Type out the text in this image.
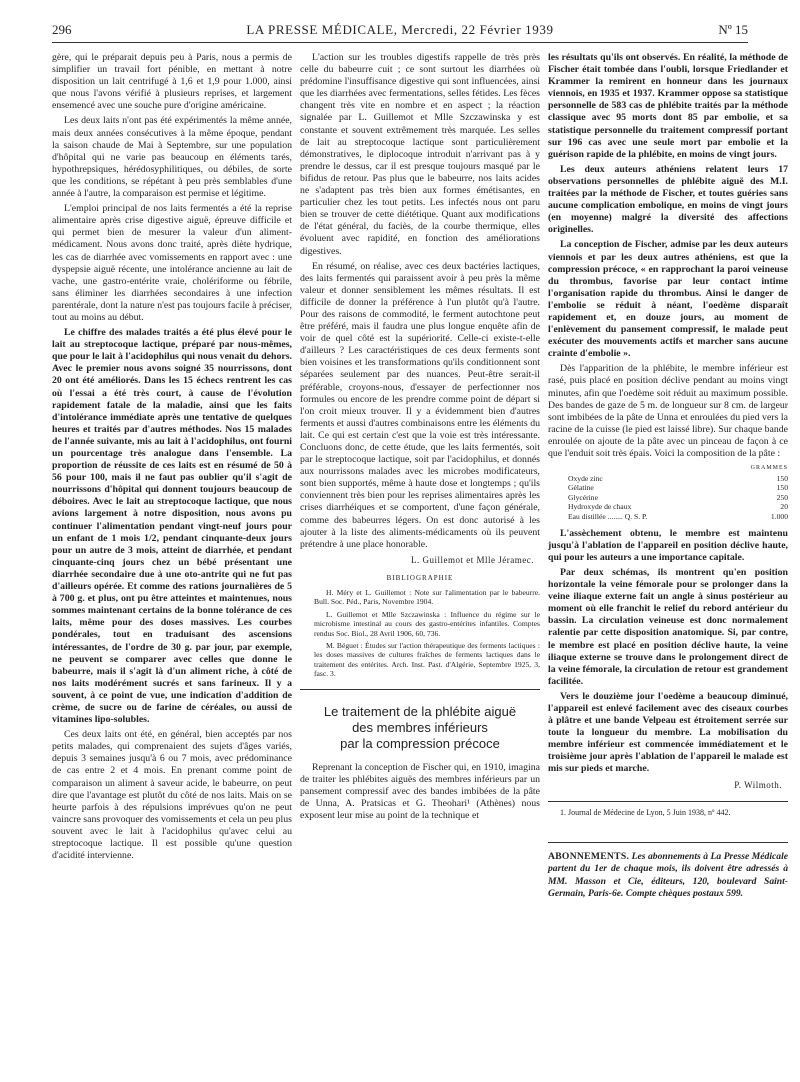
296	LA PRESSE MÉDICALE, Mercredi, 22 Février 1939	Nº 15

gère, qui le préparait depuis peu à Paris, nous a permis de simplifier un travail fort pénible, en mettant à notre disposition un lait centrifugé à 1,6 et 1,9 pour 1.000, ainsi que nous l'avons vérifié à plusieurs reprises, et largement ensemencé avec une souche pure d'origine américaine.

Les deux laits n'ont pas été expérimentés la même année, mais deux années consécutives à la même époque, pendant la saison chaude de Mai à Septembre, sur une population d'hôpital qui ne varie pas beaucoup en éléments tarés, hypothrepsiques, hérédosyphilitiques, ou débiles, de sorte que les conditions, se répétant à peu près semblables d'une année à l'autre, la comparaison est permise et légitime.

L'emploi principal de nos laits fermentés a été la reprise alimentaire après crise digestive aiguë, épreuve difficile et qui permet bien de mesurer la valeur d'un aliment-médicament. Nous avons donc traité, après diète hydrique, les cas de diarrhée avec vomissements en rapport avec : une dyspepsie aiguë récente, une intolérance ancienne au lait de vache, une gastro-entérite vraie, cholériforme ou fébrile, sans éliminer les diarrhées secondaires à une infection parentérale, dont la nature n'est pas toujours facile à préciser, tout au moins au début.

Le chiffre des malades traités a été plus élevé pour le lait au streptocoque lactique, préparé par nous-mêmes, que pour le lait à l'acidophilus qui nous venait du dehors. Avec le premier nous avons soigné 35 nourrissons, dont 20 ont été améliorés. Dans les 15 échecs rentrent les cas où l'essai a été très court, à cause de l'évolution rapidement fatale de la maladie, ainsi que les faits d'intolérance immédiate après une tentative de quelques heures et traités par d'autres méthodes. Nos 15 malades de l'année suivante, mis au lait à l'acidophilus, ont fourni un pourcentage très analogue dans l'ensemble. La proportion de réussite de ces laits est en résumé de 50 à 56 pour 100, mais il ne faut pas oublier qu'il s'agit de nourrissons d'hôpital qui donnent toujours beaucoup de déboires. Avec le lait au streptocoque lactique, que nous avions largement à notre disposition, nous avons pu continuer l'alimentation pendant vingt-neuf jours pour un enfant de 1 mois 1/2, pendant cinquante-deux jours pour un autre de 3 mois, atteint de diarrhée, et pendant cinquante-cinq jours chez un bébé présentant une diarrhée secondaire due à une oto-antrite qui ne fut pas d'ailleurs opérée. Et comme des rations journalières de 5 à 700 g. et plus, ont pu être atteintes et maintenues, nous sommes maintenant certains de la bonne tolérance de ces laits, même pour des doses massives. Les courbes pondérales, tout en traduisant des ascensions intéressantes, de l'ordre de 30 g. par jour, par exemple, ne peuvent se comparer avec celles que donne le babeurre, mais il s'agit là d'un aliment riche, à côté de nos laits modérément sucrés et sans farineux. Il y a souvent, à ce point de vue, une indication d'addition de crème, de sucre ou de farine de céréales, ou aussi de vitamines lipo-solubles.

Ces deux laits ont été, en général, bien acceptés par nos petits malades, qui comprenaient des sujets d'âges variés, depuis 3 semaines jusqu'à 6 ou 7 mois, avec prédominance de cas entre 2 et 4 mois. En prenant comme point de comparaison un aliment à saveur acide, le babeurre, on peut dire que l'avantage est plutôt du côté de nos laits. Mais on se heurte parfois à des répulsions imprévues qu'on ne peut vaincre sans provoquer des vomissements et cela un peu plus souvent avec le lait à l'acidophilus qu'avec celui au streptocoque lactique. Il est possible qu'une question d'acidité intervienne.

L'action sur les troubles digestifs rappelle de très près celle du babeurre cuit ; ce sont surtout les diarrhées où prédomine l'insuffisance digestive qui sont influencées, ainsi que les diarrhées avec fermentations, selles fétides. Les fèces changent très vite en nombre et en aspect ; la réaction signalée par L. Guillemot et Mlle Szczawinska y est constante et souvent extrêmement très marquée. Les selles de lait au streptocoque lactique sont particulièrement démonstratives, le diplocoque introduit n'arrivant pas à y prendre le dessus, car il est presque toujours masqué par le bifidus de retour. Pas plus que le babeurre, nos laits acides ne s'adaptent pas très bien aux formes émétisantes, en particulier chez les tout petits. Les infectés nous ont paru bien se trouver de cette diététique. Quant aux modifications de l'état général, du faciès, de la courbe thermique, elles évoluent avec rapidité, en fonction des améliorations digestives.

En résumé, on réalise, avec ces deux bactéries lactiques, des laits fermentés qui paraissent avoir à peu près la même valeur et donner sensiblement les mêmes résultats. Il est difficile de donner la préférence à l'un plutôt qu'à l'autre. Pour des raisons de commodité, le ferment autochtone peut être préféré, mais il faudra une plus longue enquête afin de voir de quel côté est la supériorité. Celle-ci existe-t-elle d'ailleurs ? Les caractéristiques de ces deux ferments sont bien voisines et les transformations qu'ils conditionnent sont séparées seulement par des nuances. Peut-être serait-il préférable, croyons-nous, d'essayer de perfectionner nos formules ou encore de les prendre comme point de départ si l'on croit mieux trouver. Il y a évidemment bien d'autres ferments et aussi d'autres combinaisons entre les éléments du lait. Ce qui est certain c'est que la voie est très intéressante. Concluons donc, de cette étude, que les laits fermentés, soit par le streptocoque lactique, soit par l'acidophilus, et donnés aux nourrissons malades avec les microbes modificateurs, sont bien supportés, même à haute dose et longtemps ; qu'ils conviennent très bien pour les reprises alimentaires après les crises diarrhéiques et se comportent, d'une façon générale, comme des babeurres légers. On est donc autorisé à les ajouter à la liste des aliments-médicaments où ils peuvent prétendre à une place honorable.

L. Guillemot et Mlle Jéramec.
BIBLIOGRAPHIE

H. Méry et L. Guillemot : Note sur l'alimentation par le babeurre. Bull. Soc. Péd., Paris, Novembre 1904.

L. Guillemot et Mlle Szczawinska : Influence du régime sur le microbisme intestinal au cours des gastro-entérites infantiles. Comptes rendus Soc. Biol., 28 Avril 1906, 60, 736.

M. Béguet : Études sur l'action thérapeutique des ferments lactiques : les doses massives de cultures fraîches de ferments lactiques dans le traitement des entérites. Arch. Inst. Past. d'Algérie, Septembre 1925, 3, fasc. 3.

Le traitement de la phlébite aiguë
des membres inférieurs
par la compression précoce

Reprenant la conception de Fischer qui, en 1910, imagina de traiter les phlébites aiguës des membres inférieurs par un pansement compressif avec des bandes imbibées de la pâte de Unna, A. Pratsicas et G. Theohari¹ (Athènes) nous exposent leur mise au point de la technique et

les résultats qu'ils ont observés. En réalité, la méthode de Fischer était tombée dans l'oubli, lorsque Friedlander et Krammer la remirent en honneur dans les journaux viennois, en 1935 et 1937. Krammer oppose sa statistique personnelle de 583 cas de phlébite traités par la méthode classique avec 95 morts dont 85 par embolie, et sa statistique personnelle du traitement compressif portant sur 196 cas avec une seule mort par embolie et la guérison rapide de la phlébite, en moins de vingt jours.

Les deux auteurs athéniens relatent leurs 17 observations personnelles de phlébite aiguë des M.I. traitées par la méthode de Fischer, et toutes guéries sans aucune complication embolique, en moins de vingt jours (en moyenne) malgré la diversité des affections originelles.

La conception de Fischer, admise par les deux auteurs viennois et par les deux autres athéniens, est que la compression précoce, « en rapprochant la paroi veineuse du thrombus, favorise par leur contact intime l'organisation rapide du thrombus. Ainsi le danger de l'embolie se réduit à néant, l'oedème disparaît rapidement et, en douze jours, au moment de l'enlèvement du pansement compressif, le malade peut exécuter des mouvements actifs et marcher sans aucune crainte d'embolie ».

Dès l'apparition de la phlébite, le membre inférieur est rasé, puis placé en position déclive pendant au moins vingt minutes, afin que l'oedème soit réduit au maximum possible. Des bandes de gaze de 5 m. de longueur sur 8 cm. de largeur sont imbibées de la pâte de Unna et enroulées du pied vers la racine de la cuisse (le pied est laissé libre). Sur chaque bande enroulée on ajoute de la pâte avec un pinceau de façon à ce que l'enduit soit très épais. Voici la composition de la pâte :

GRAMMES
Oxyde zinc	150
Gélatine	150
Glycérine	250
Hydroxyde de chaux	20
Eau distillée ........ Q. S. P.	1.000

L'assèchement obtenu, le membre est maintenu jusqu'à l'ablation de l'appareil en position déclive haute, qui pour les auteurs a une importance capitale.

Par deux schémas, ils montrent qu'en position horizontale la veine fémorale pour se prolonger dans la veine iliaque externe fait un angle à sinus postérieur au moment où elle franchit le relief du rebord antérieur du bassin. La circulation veineuse est donc normalement ralentie par cette disposition anatomique. Si, par contre, le membre est placé en position déclive haute, la veine iliaque externe se trouve dans le prolongement direct de la veine fémorale, la circulation de retour est grandement facilitée.

Vers le douzième jour l'oedème a beaucoup diminué, l'appareil est enlevé facilement avec des ciseaux courbes à plâtre et une bande Velpeau est étroitement serrée sur toute la longueur du membre. La mobilisation du membre inférieur est commencée immédiatement et le troisième jour après l'ablation de l'appareil le malade est mis sur pieds et marche.

P. Wilmoth.

1. Journal de Médecine de Lyon, 5 Juin 1938, nº 442.

ABONNEMENTS. Les abonnements à La Presse Médicale partent du 1er de chaque mois, ils doivent être adressés à MM. Masson et Cie, éditeurs, 120, boulevard Saint-Germain, Paris-6e. Compte chèques postaux 599.
